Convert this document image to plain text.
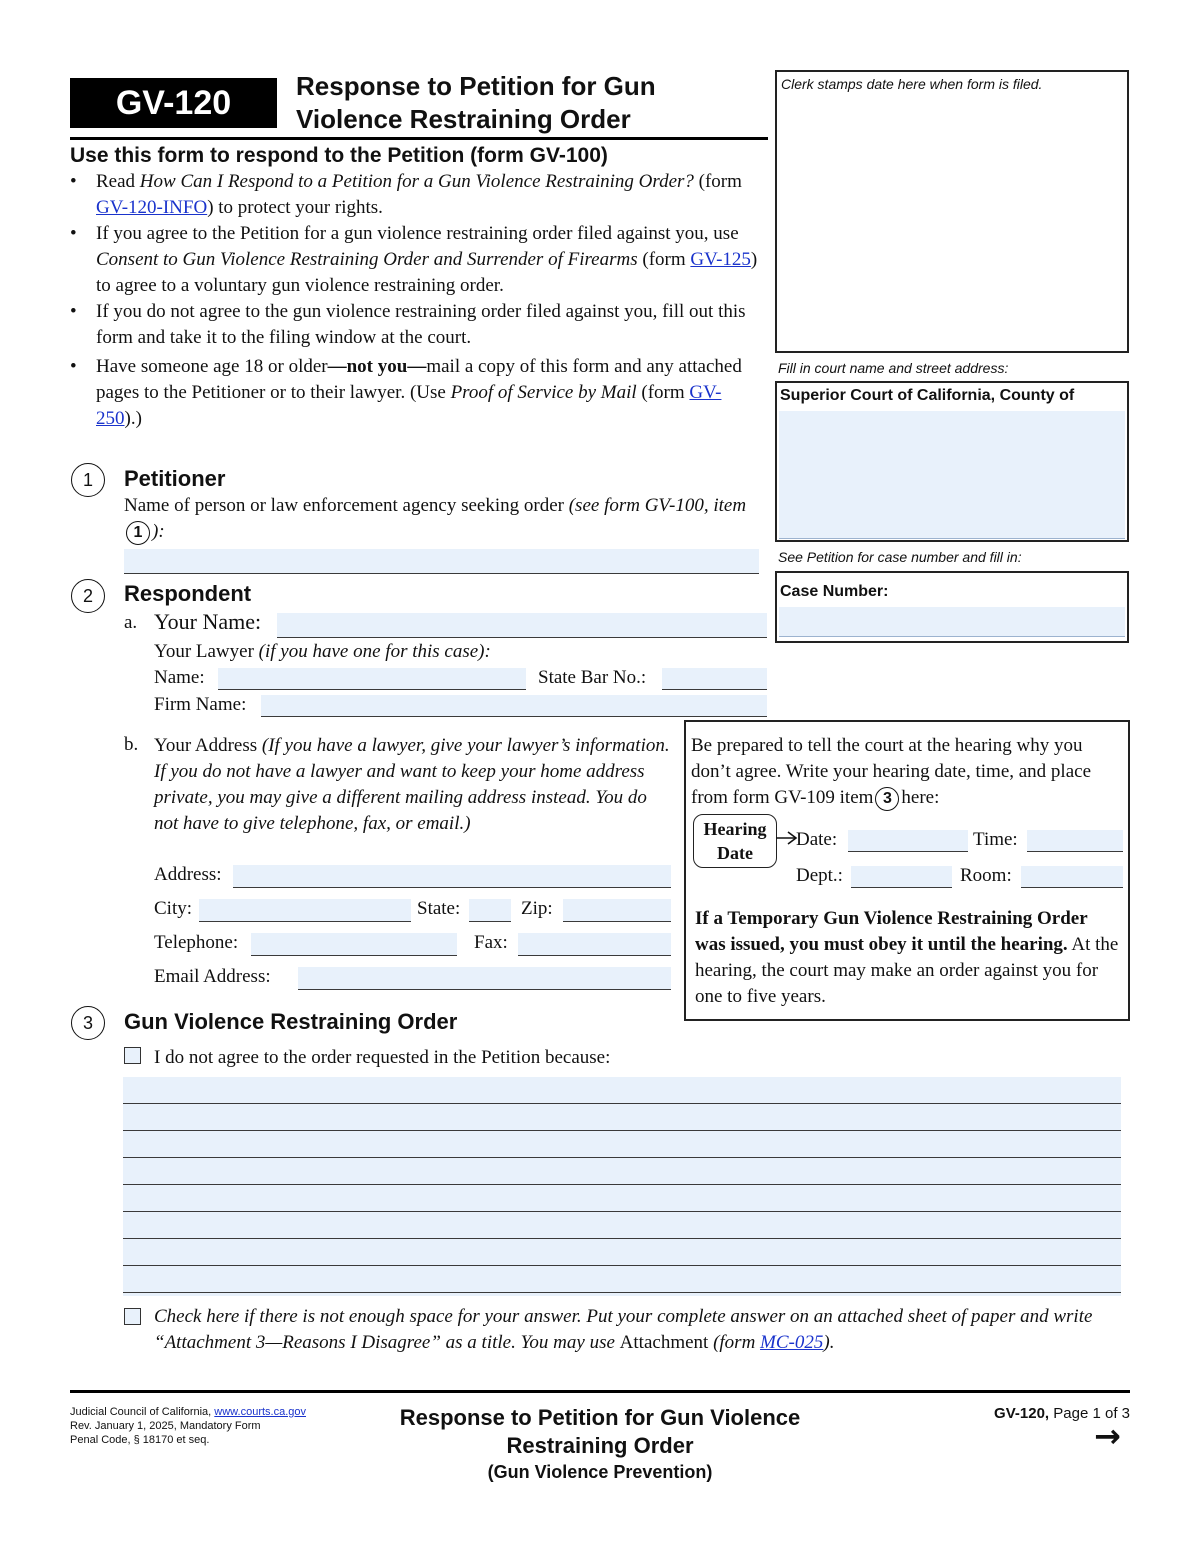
GV-120 Response to Petition for Gun
Violence Restraining Order
Clerk stamps date here when form is filed.
Fill in court name and street address:
Superior Court of California, County of
See Petition for case number and fill in:
Case Number:
Use this form to respond to the Petition (form GV-100)
• Read How Can I Respond to a Petition for a Gun Violence Restraining Order? (form GV-120-INFO) to protect your rights.
• If you agree to the Petition for a gun violence restraining order filed against you, use Consent to Gun Violence Restraining Order and Surrender of Firearms (form GV-125) to agree to a voluntary gun violence restraining order.
• If you do not agree to the gun violence restraining order filed against you, fill out this form and take it to the filing window at the court.
• Have someone age 18 or older—not you—mail a copy of this form and any attached pages to the Petitioner or to their lawyer. (Use Proof of Service by Mail (form GV-250).)
1	Petitioner
Name of person or law enforcement agency seeking order (see form GV-100, item1 ):
2	Respondent
a. Your Name:
Your Lawyer (if you have one for this case):
Name:	State Bar No.:
Firm Name:
b. Your Address (If you have a lawyer, give your lawyer’s information. If you do not have a lawyer and want to keep your home address private, you may give a different mailing address instead. You do not have to give telephone, fax, or email.)
Address:
City:	State:	Zip:
Telephone:	Fax:
Email Address:
Be prepared to tell the court at the hearing why you don’t agree. Write your hearing date, time, and place from form GV-109 item 3 here:
Hearing
Date
Date:	Time:
Dept.:	Room:
If a Temporary Gun Violence Restraining Order was issued, you must obey it until the hearing. At the hearing, the court may make an order against you for one to five years.
3	Gun Violence Restraining Order
I do not agree to the order requested in the Petition because:
Check here if there is not enough space for your answer. Put your complete answer on an attached sheet of paper and write “Attachment 3—Reasons I Disagree” as a title. You may use Attachment (form MC-025).
Judicial Council of California, www.courts.ca.gov
Rev. January 1, 2025, Mandatory Form
Penal Code, § 18170 et seq.
Response to Petition for Gun Violence
Restraining Order
(Gun Violence Prevention)
GV-120, Page 1 of 3
→
